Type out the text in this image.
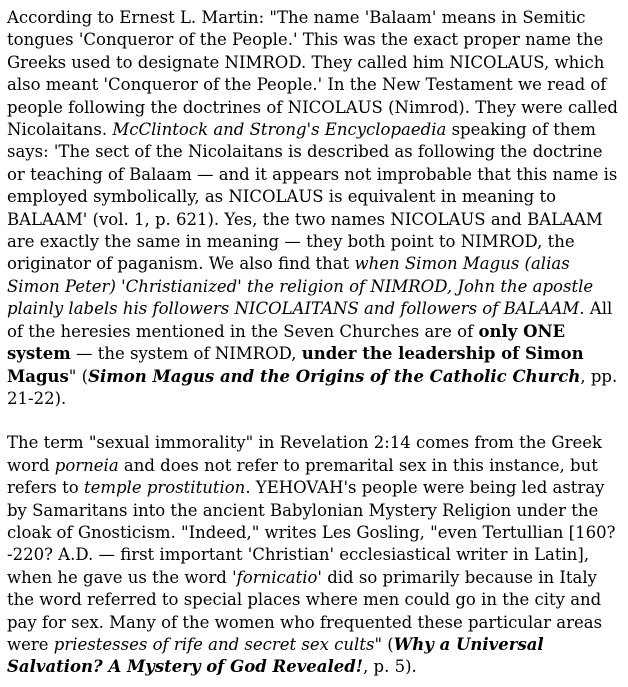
According to Ernest L. Martin: "The name 'Balaam' means in Semitic tongues 'Conqueror of the People.' This was the exact proper name the Greeks used to designate NIMROD. They called him NICOLAUS, which also meant 'Conqueror of the People.' In the New Testament we read of people following the doctrines of NICOLAUS (Nimrod). They were called Nicolaitans. McClintock and Strong's Encyclopaedia speaking of them says: 'The sect of the Nicolaitans is described as following the doctrine or teaching of Balaam — and it appears not improbable that this name is employed symbolically, as NICOLAUS is equivalent in meaning to BALAAM' (vol. 1, p. 621). Yes, the two names NICOLAUS and BALAAM are exactly the same in meaning — they both point to NIMROD, the originator of paganism. We also find that when Simon Magus (alias Simon Peter) 'Christianized' the religion of NIMROD, John the apostle plainly labels his followers NICOLAITANS and followers of BALAAM. All of the heresies mentioned in the Seven Churches are of only ONE system — the system of NIMROD, under the leadership of Simon Magus" (Simon Magus and the Origins of the Catholic Church, pp. 21-22).

The term "sexual immorality" in Revelation 2:14 comes from the Greek word porneia and does not refer to premarital sex in this instance, but refers to temple prostitution. YEHOVAH's people were being led astray by Samaritans into the ancient Babylonian Mystery Religion under the cloak of Gnosticism. "Indeed," writes Les Gosling, "even Tertullian [160?-220? A.D. — first important 'Christian' ecclesiastical writer in Latin], when he gave us the word 'fornicatio' did so primarily because in Italy the word referred to special places where men could go in the city and pay for sex. Many of the women who frequented these particular areas were priestesses of rife and secret sex cults" (Why a Universal Salvation? A Mystery of God Revealed!, p. 5).
